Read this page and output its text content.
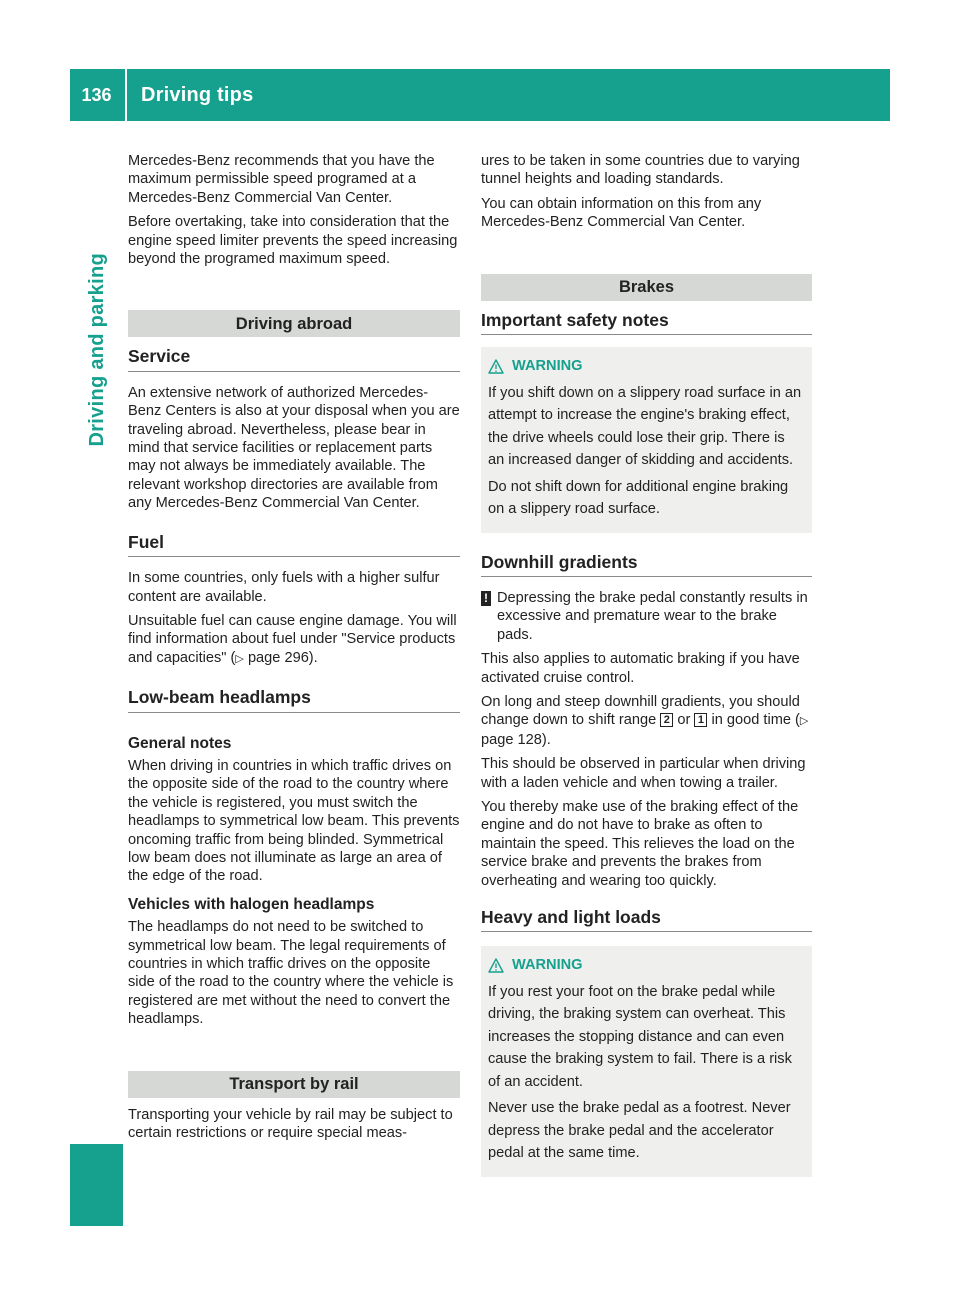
136	Driving tips
Driving and parking

Mercedes-Benz recommends that you have the maximum permissible speed programed at a Mercedes-Benz Commercial Van Center.

Before overtaking, take into consideration that the engine speed limiter prevents the speed increasing beyond the programed maximum speed.

Driving abroad
Service

An extensive network of authorized Mercedes-Benz Centers is also at your disposal when you are traveling abroad. Nevertheless, please bear in mind that service facilities or replacement parts may not always be immediately available. The relevant workshop directories are available from any Mercedes-Benz Commercial Van Center.

Fuel

In some countries, only fuels with a higher sulfur content are available.

Unsuitable fuel can cause engine damage. You will find information about fuel under "Service products and capacities" (▷ page 296).

Low-beam headlamps
General notes

When driving in countries in which traffic drives on the opposite side of the road to the country where the vehicle is registered, you must switch the headlamps to symmetrical low beam. This prevents oncoming traffic from being blinded. Symmetrical low beam does not illuminate as large an area of the edge of the road.

Vehicles with halogen headlamps

The headlamps do not need to be switched to symmetrical low beam. The legal requirements of countries in which traffic drives on the opposite side of the road to the country where the vehicle is registered are met without the need to convert the headlamps.

Transport by rail

Transporting your vehicle by rail may be subject to certain restrictions or require special meas-

ures to be taken in some countries due to varying tunnel heights and loading standards.

You can obtain information on this from any Mercedes-Benz Commercial Van Center.

Brakes
Important safety notes
WARNING

If you shift down on a slippery road surface in an attempt to increase the engine's braking effect, the drive wheels could lose their grip. There is an increased danger of skidding and accidents.

Do not shift down for additional engine braking on a slippery road surface.

Downhill gradients
! Depressing the brake pedal constantly results in excessive and premature wear to the brake pads.

This also applies to automatic braking if you have activated cruise control.

On long and steep downhill gradients, you should change down to shift range 2 or 1 in good time (▷ page 128).

This should be observed in particular when driving with a laden vehicle and when towing a trailer.

You thereby make use of the braking effect of the engine and do not have to brake as often to maintain the speed. This relieves the load on the service brake and prevents the brakes from overheating and wearing too quickly.

Heavy and light loads
WARNING

If you rest your foot on the brake pedal while driving, the braking system can overheat. This increases the stopping distance and can even cause the braking system to fail. There is a risk of an accident.

Never use the brake pedal as a footrest. Never depress the brake pedal and the accelerator pedal at the same time.
